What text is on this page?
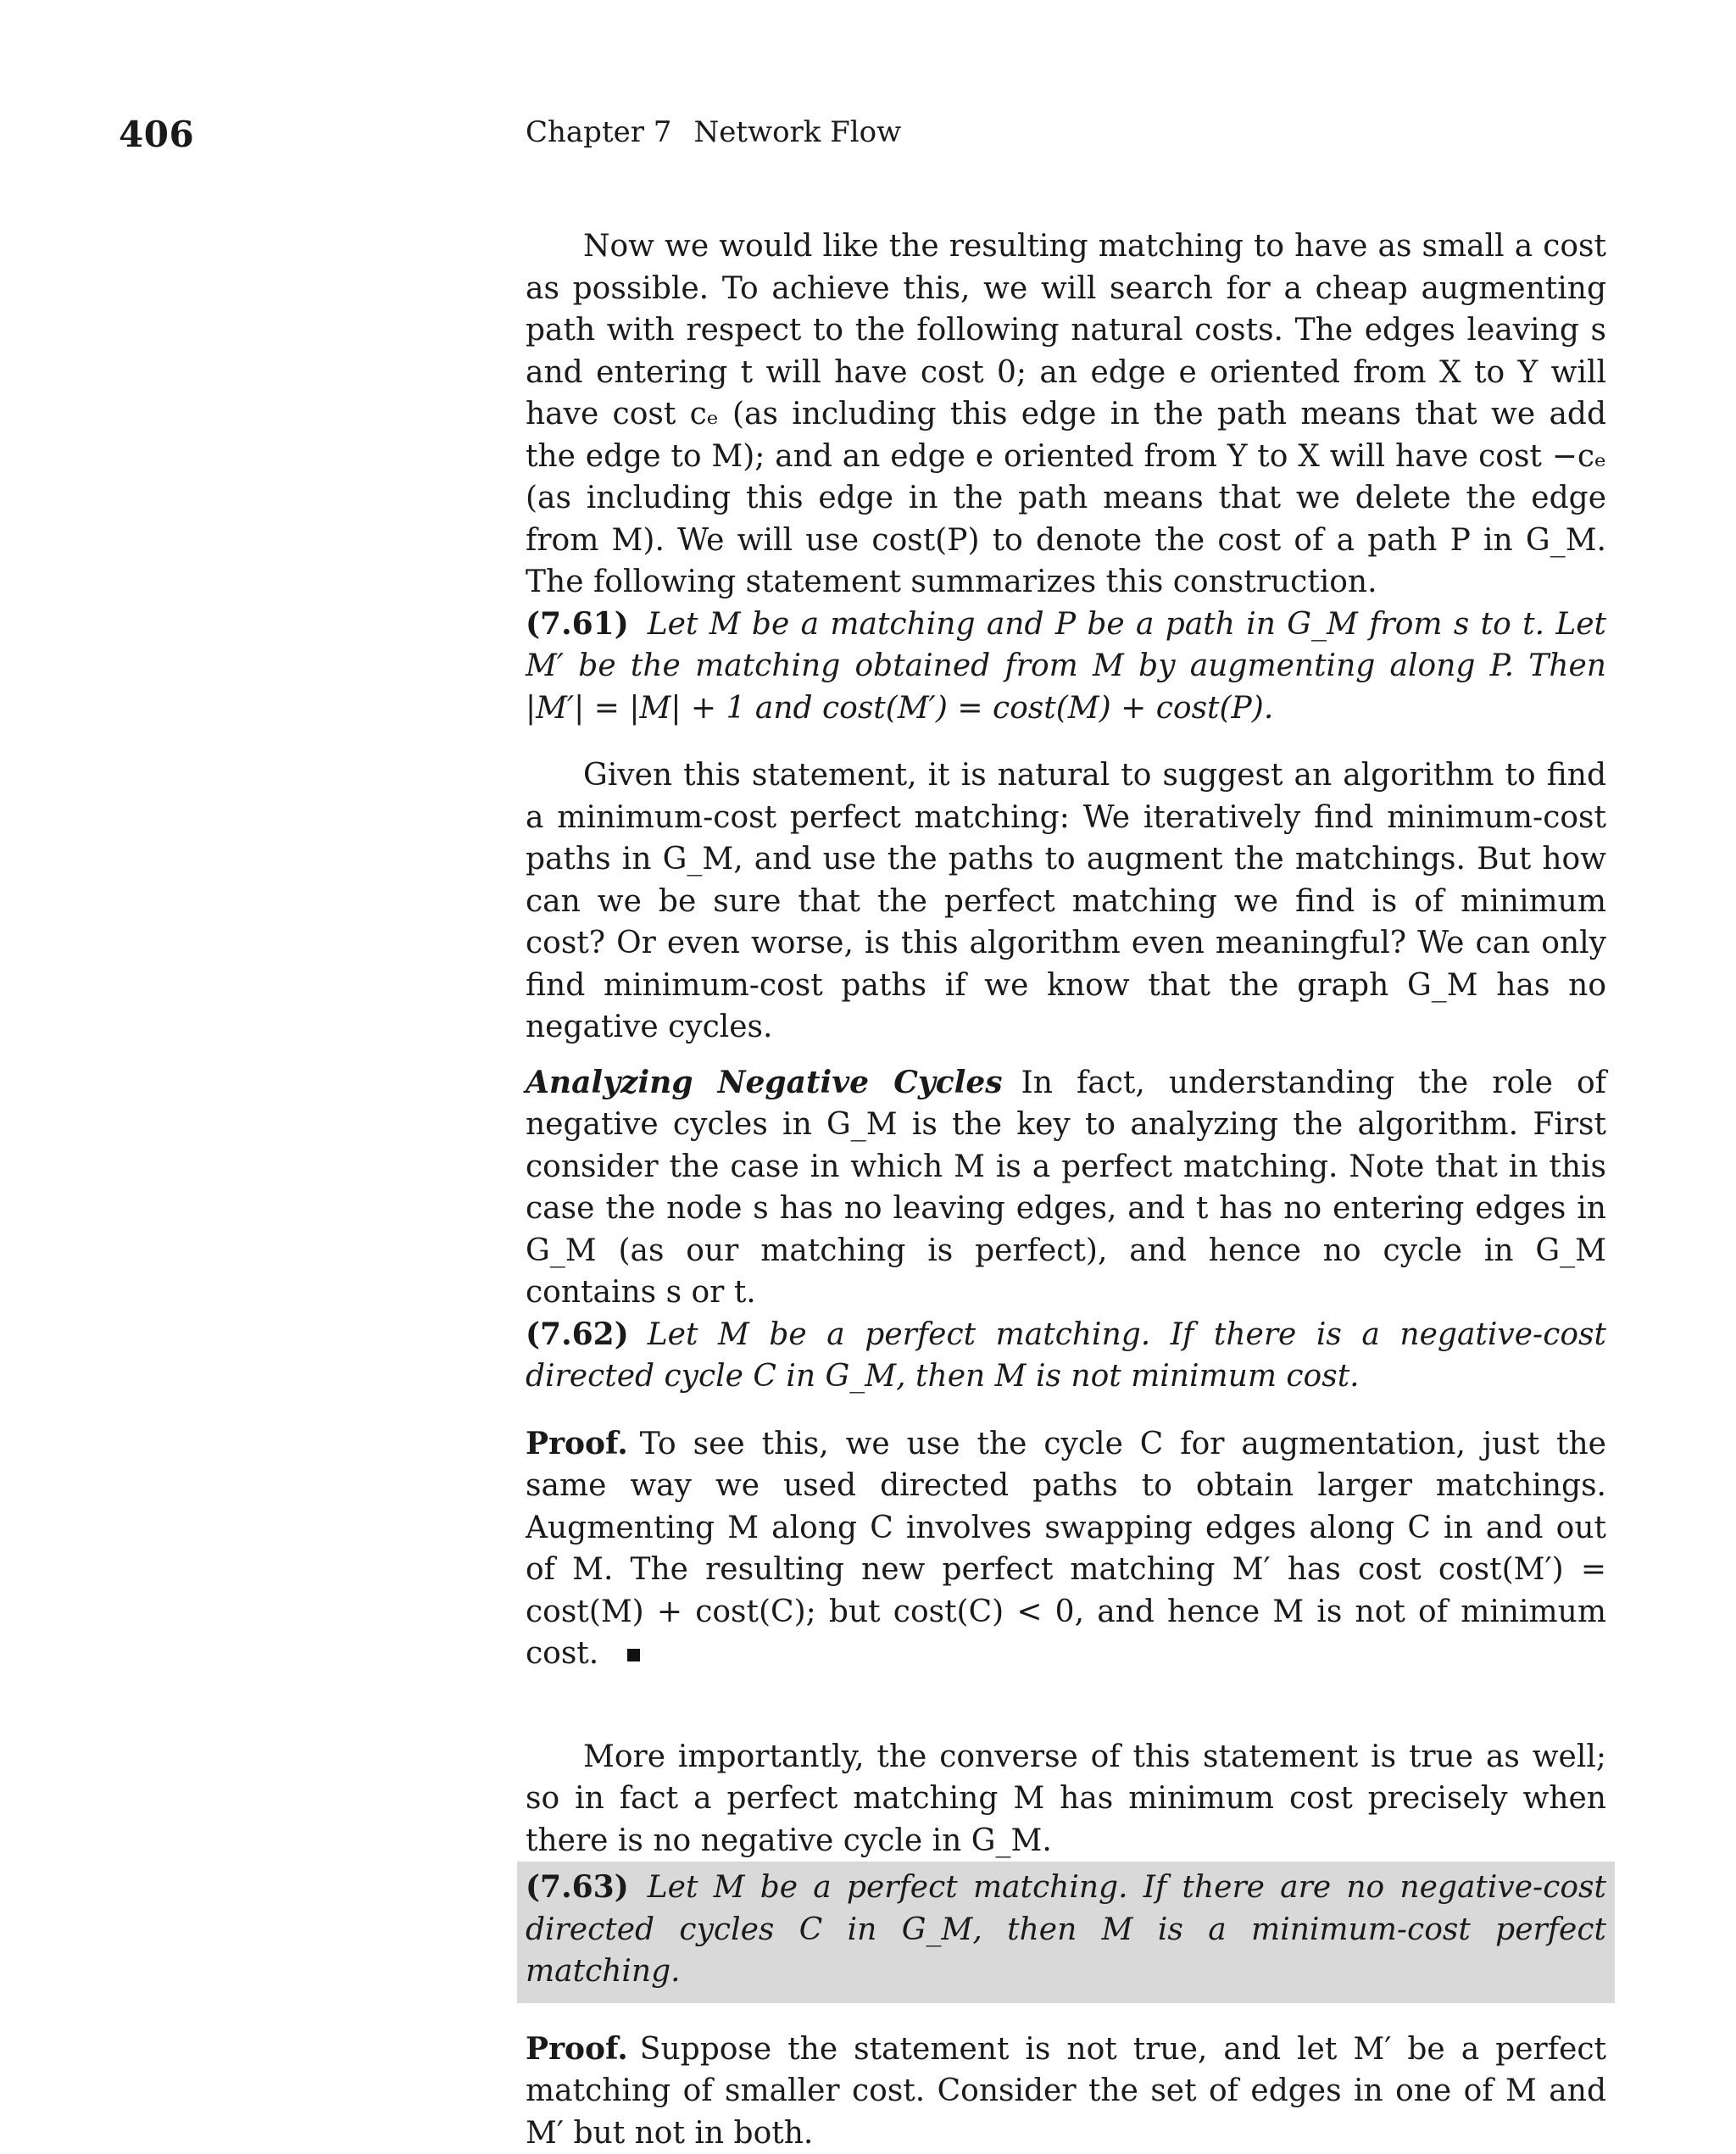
406	Chapter 7 Network Flow

Now we would like the resulting matching to have as small a cost as possible. To achieve this, we will search for a cheap augmenting path with respect to the following natural costs. The edges leaving s and entering t will have cost 0; an edge e oriented from X to Y will have cost cₑ (as including this edge in the path means that we add the edge to M); and an edge e oriented from Y to X will have cost −cₑ (as including this edge in the path means that we delete the edge from M). We will use cost(P) to denote the cost of a path P in G_M. The following statement summarizes this construction.

(7.61) Let M be a matching and P be a path in G_M from s to t. Let M′ be the matching obtained from M by augmenting along P. Then |M′| = |M| + 1 and cost(M′) = cost(M) + cost(P).

Given this statement, it is natural to suggest an algorithm to find a minimum-cost perfect matching: We iteratively find minimum-cost paths in G_M, and use the paths to augment the matchings. But how can we be sure that the perfect matching we find is of minimum cost? Or even worse, is this algorithm even meaningful? We can only find minimum-cost paths if we know that the graph G_M has no negative cycles.

Analyzing Negative Cycles In fact, understanding the role of negative cycles in G_M is the key to analyzing the algorithm. First consider the case in which M is a perfect matching. Note that in this case the node s has no leaving edges, and t has no entering edges in G_M (as our matching is perfect), and hence no cycle in G_M contains s or t.

(7.62) Let M be a perfect matching. If there is a negative-cost directed cycle C in G_M, then M is not minimum cost.

Proof. To see this, we use the cycle C for augmentation, just the same way we used directed paths to obtain larger matchings. Augmenting M along C involves swapping edges along C in and out of M. The resulting new perfect matching M′ has cost cost(M′) = cost(M) + cost(C); but cost(C) < 0, and hence M is not of minimum cost.

More importantly, the converse of this statement is true as well; so in fact a perfect matching M has minimum cost precisely when there is no negative cycle in G_M.

(7.63) Let M be a perfect matching. If there are no negative-cost directed cycles C in G_M, then M is a minimum-cost perfect matching.

Proof. Suppose the statement is not true, and let M′ be a perfect matching of smaller cost. Consider the set of edges in one of M and M′ but not in both.
